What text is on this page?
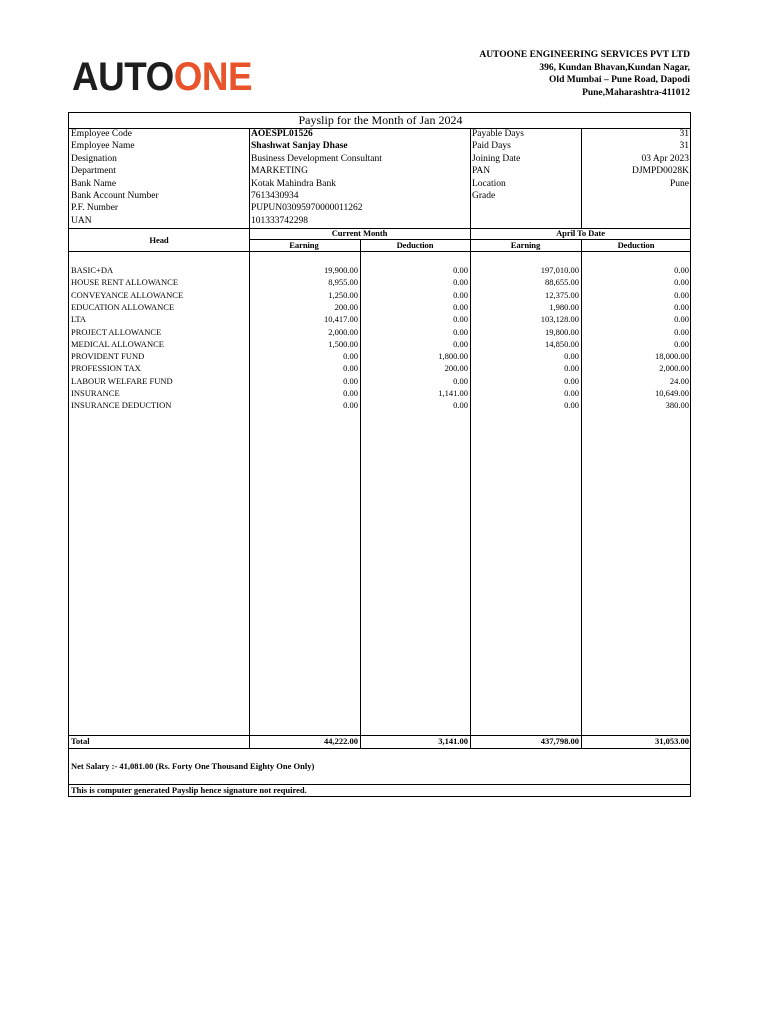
AUTOONE	AUTOONE ENGINEERING SERVICES PVT LTD
396, Kundan Bhavan,Kundan Nagar,
Old Mumbai – Pune Road, Dapodi
Pune,Maharashtra-411012
Payslip for the Month of Jan 2024
Employee Code	AOESPL01526
Employee Name	Shashwat Sanjay Dhase
Designation	Business Development Consultant
Department	MARKETING
Bank Name	Kotak Mahindra Bank
Bank Account Number	7613430934
P.F. Number	PUPUN03095970000011262
UAN	101333742298
Payable Days	31
Paid Days	31
Joining Date	03 Apr 2023
PAN	DJMPD0028K
Location	Pune
Grade
Head
Current Month	April To Date
Earning	Deduction	Earning	Deduction
BASIC+DA	19,900.00	0.00	197,010.00	0.00
HOUSE RENT ALLOWANCE	8,955.00	0.00	88,655.00	0.00
CONVEYANCE ALLOWANCE	1,250.00	0.00	12,375.00	0.00
EDUCATION ALLOWANCE	200.00	0.00	1,980.00	0.00
LTA	10,417.00	0.00	103,128.00	0.00
PROJECT ALLOWANCE	2,000.00	0.00	19,800.00	0.00
MEDICAL ALLOWANCE	1,500.00	0.00	14,850.00	0.00
PROVIDENT FUND	0.00	1,800.00	0.00	18,000.00
PROFESSION TAX	0.00	200.00	0.00	2,000.00
LABOUR WELFARE FUND	0.00	0.00	0.00	24.00
INSURANCE	0.00	1,141.00	0.00	10,649.00
INSURANCE DEDUCTION	0.00	0.00	0.00	380.00
Total	44,222.00	3,141.00	437,798.00	31,053.00
Net Salary :- 41,081.00 (Rs. Forty One Thousand Eighty One Only)
This is computer generated Payslip hence signature not required.
